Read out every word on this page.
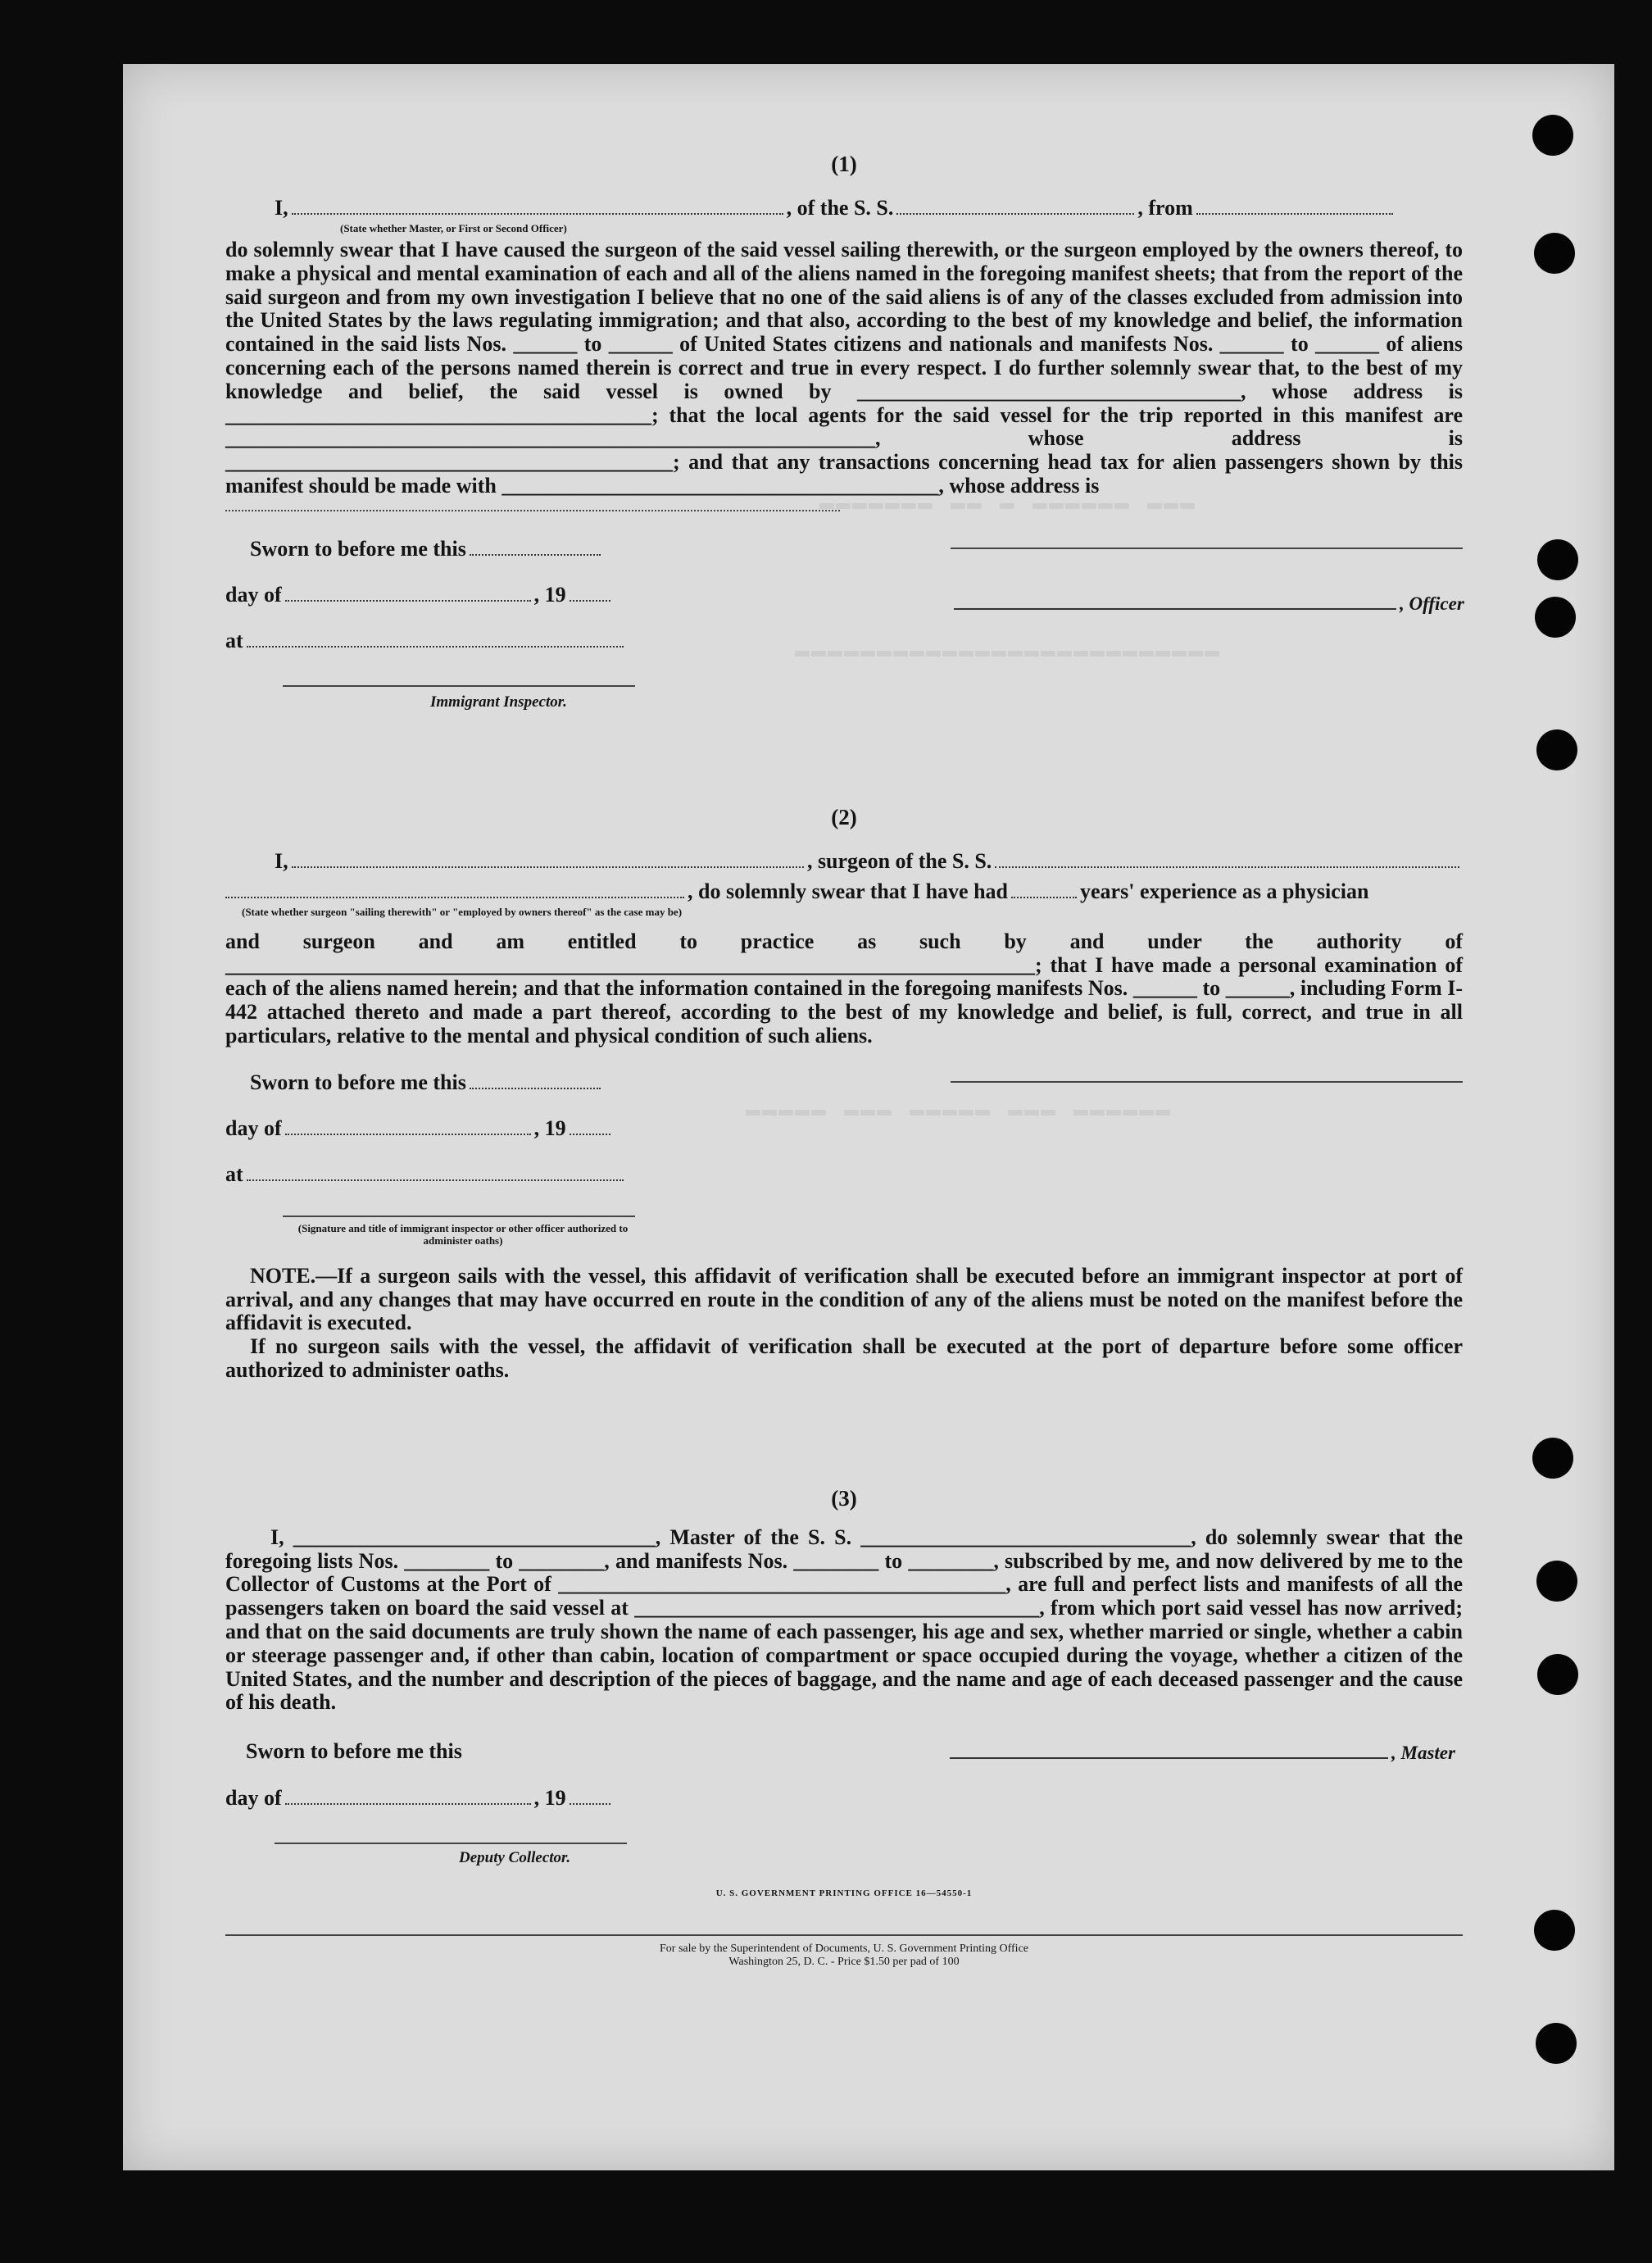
▬▬▬▬▬▬▬ ▬▬ ▬ ▬▬▬▬▬▬ ▬▬▬
▬▬▬▬▬▬▬▬▬▬▬▬▬▬▬▬▬▬▬▬▬▬▬▬▬▬
▬▬▬▬▬ ▬▬▬ ▬▬▬▬▬ ▬▬▬ ▬▬▬▬▬▬
(1)
I,	, of the S. S.	, from
(State whether Master, or First or Second Officer)

do solemnly swear that I have caused the surgeon of the said vessel sailing therewith, or the surgeon employed by the owners thereof, to make a physical and mental examination of each and all of the aliens named in the foregoing manifest sheets; that from the report of the said surgeon and from my own investigation I believe that no one of the said aliens is of any of the classes excluded from admission into the United States by the laws regulating immigration; and that also, according to the best of my knowledge and belief, the information contained in the said lists Nos. ______ to ______ of United States citizens and nationals and manifests Nos. ______ to ______ of aliens concerning each of the persons named therein is correct and true in every respect. I do further solemnly swear that, to the best of my knowledge and belief, the said vessel is owned by ____________________________________, whose address is ________________________________________; that the local agents for the said vessel for the trip reported in this manifest are _____________________________________________________________, whose address is __________________________________________; and that any transactions concerning head tax for alien passengers shown by this manifest should be made with _________________________________________, whose address is

Sworn to before me this
day of	, 19
at
Immigrant Inspector.
, Officer
(2)
I,	, surgeon of the S. S.
, do solemnly swear that I have had	years' experience as a physician
(State whether surgeon "sailing therewith" or "employed by owners thereof" as the case may be)

and surgeon and am entitled to practice as such by and under the authority of ____________________________________________________________________________; that I have made a personal examination of each of the aliens named herein; and that the information contained in the foregoing manifests Nos. ______ to ______, including Form I-442 attached thereto and made a part thereof, according to the best of my knowledge and belief, is full, correct, and true in all particulars, relative to the mental and physical condition of such aliens.

Sworn to before me this
day of	, 19
at
(Signature and title of immigrant inspector or other officer authorized to administer oaths)

NOTE.—If a surgeon sails with the vessel, this affidavit of verification shall be executed before an immigrant inspector at port of arrival, and any changes that may have occurred en route in the condition of any of the aliens must be noted on the manifest before the affidavit is executed.

If no surgeon sails with the vessel, the affidavit of verification shall be executed at the port of departure before some officer authorized to administer oaths.

(3)

I, __________________________________, Master of the S. S. _______________________________, do solemnly swear that the foregoing lists Nos. ________ to ________, and manifests Nos. ________ to ________, subscribed by me, and now delivered by me to the Collector of Customs at the Port of __________________________________________, are full and perfect lists and manifests of all the passengers taken on board the said vessel at ______________________________________, from which port said vessel has now arrived; and that on the said documents are truly shown the name of each passenger, his age and sex, whether married or single, whether a cabin or steerage passenger and, if other than cabin, location of compartment or space occupied during the voyage, whether a citizen of the United States, and the number and description of the pieces of baggage, and the name and age of each deceased passenger and the cause of his death.

Sworn to before me this
day of	, 19
Deputy Collector.
, Master
U. S. GOVERNMENT PRINTING OFFICE 16—54550-1
For sale by the Superintendent of Documents, U. S. Government Printing Office
Washington 25, D. C. - Price $1.50 per pad of 100
